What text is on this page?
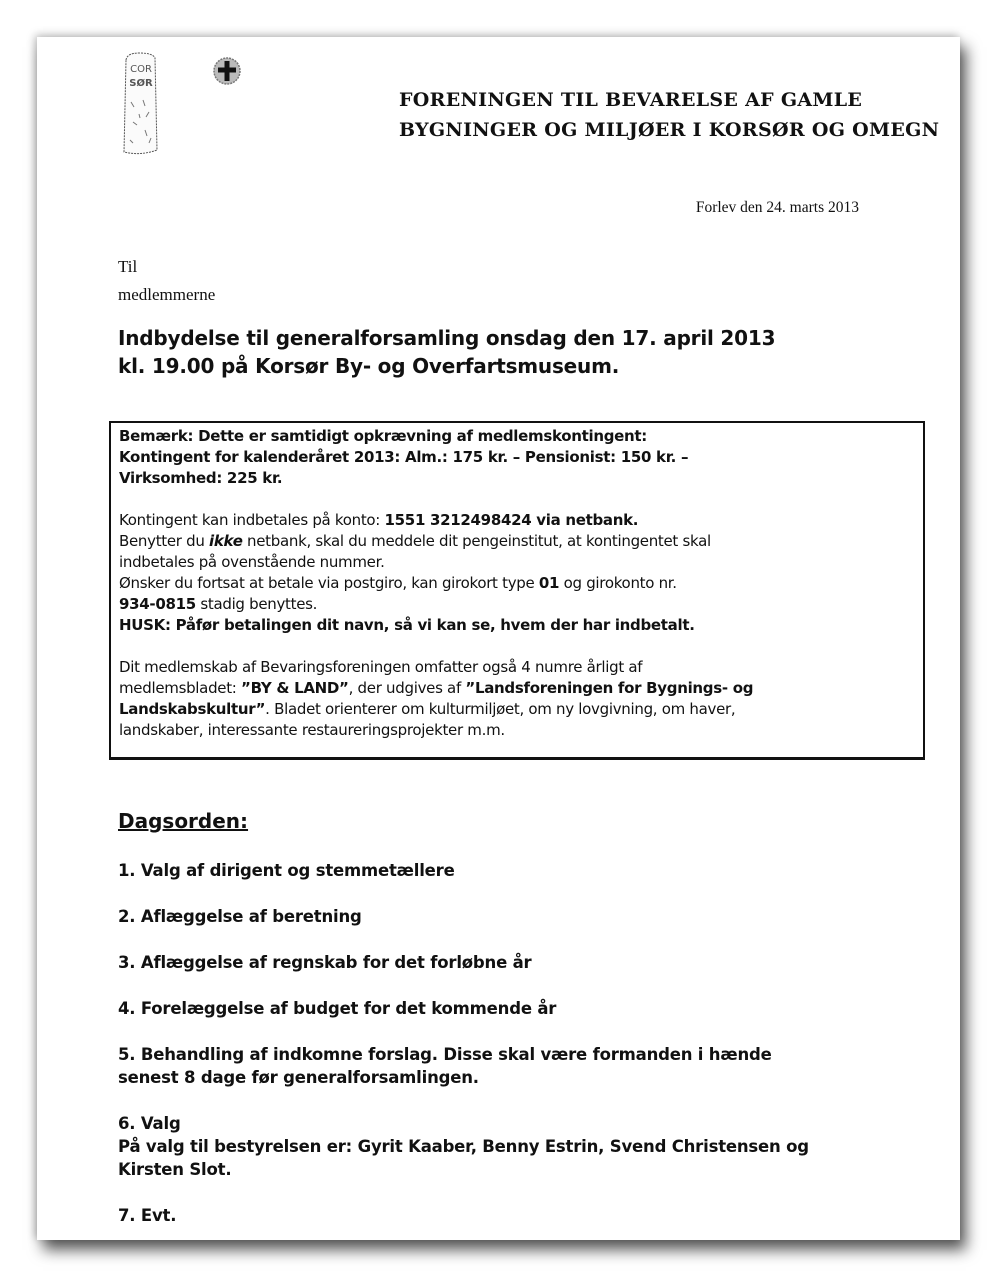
COR
SØR
FORENINGEN TIL BEVARELSE AF GAMLE
BYGNINGER OG MILJØER I KORSØR OG OMEGN
Forlev den 24. marts 2013
Til
medlemmerne
Indbydelse til generalforsamling onsdag den 17. april 2013
kl. 19.00 på Korsør By- og Overfartsmuseum.

Bemærk: Dette er samtidigt opkrævning af medlemskontingent:

Kontingent for kalenderåret 2013: Alm.: 175 kr. – Pensionist: 150 kr. –

Virksomhed: 225 kr.

Kontingent kan indbetales på konto: 1551 3212498424 via netbank.

Benytter du ikke netbank, skal du meddele dit pengeinstitut, at kontingentet skal

indbetales på ovenstående nummer.

Ønsker du fortsat at betale via postgiro, kan girokort type 01 og girokonto nr.

934-0815 stadig benyttes.

HUSK: Påfør betalingen dit navn, så vi kan se, hvem der har indbetalt.

Dit medlemskab af Bevaringsforeningen omfatter også 4 numre årligt af

medlemsbladet: ”BY & LAND”, der udgives af ”Landsforeningen for Bygnings- og

Landskabskultur”. Bladet orienterer om kulturmiljøet, om ny lovgivning, om haver,

landskaber, interessante restaureringsprojekter m.m.

Dagsorden:

1. Valg af dirigent og stemmetællere

2. Aflæggelse af beretning

3. Aflæggelse af regnskab for det forløbne år

4. Forelæggelse af budget for det kommende år

5. Behandling af indkomne forslag. Disse skal være formanden i hænde

senest 8 dage før generalforsamlingen.

6. Valg

På valg til bestyrelsen er: Gyrit Kaaber, Benny Estrin, Svend Christensen og

Kirsten Slot.

7. Evt.
